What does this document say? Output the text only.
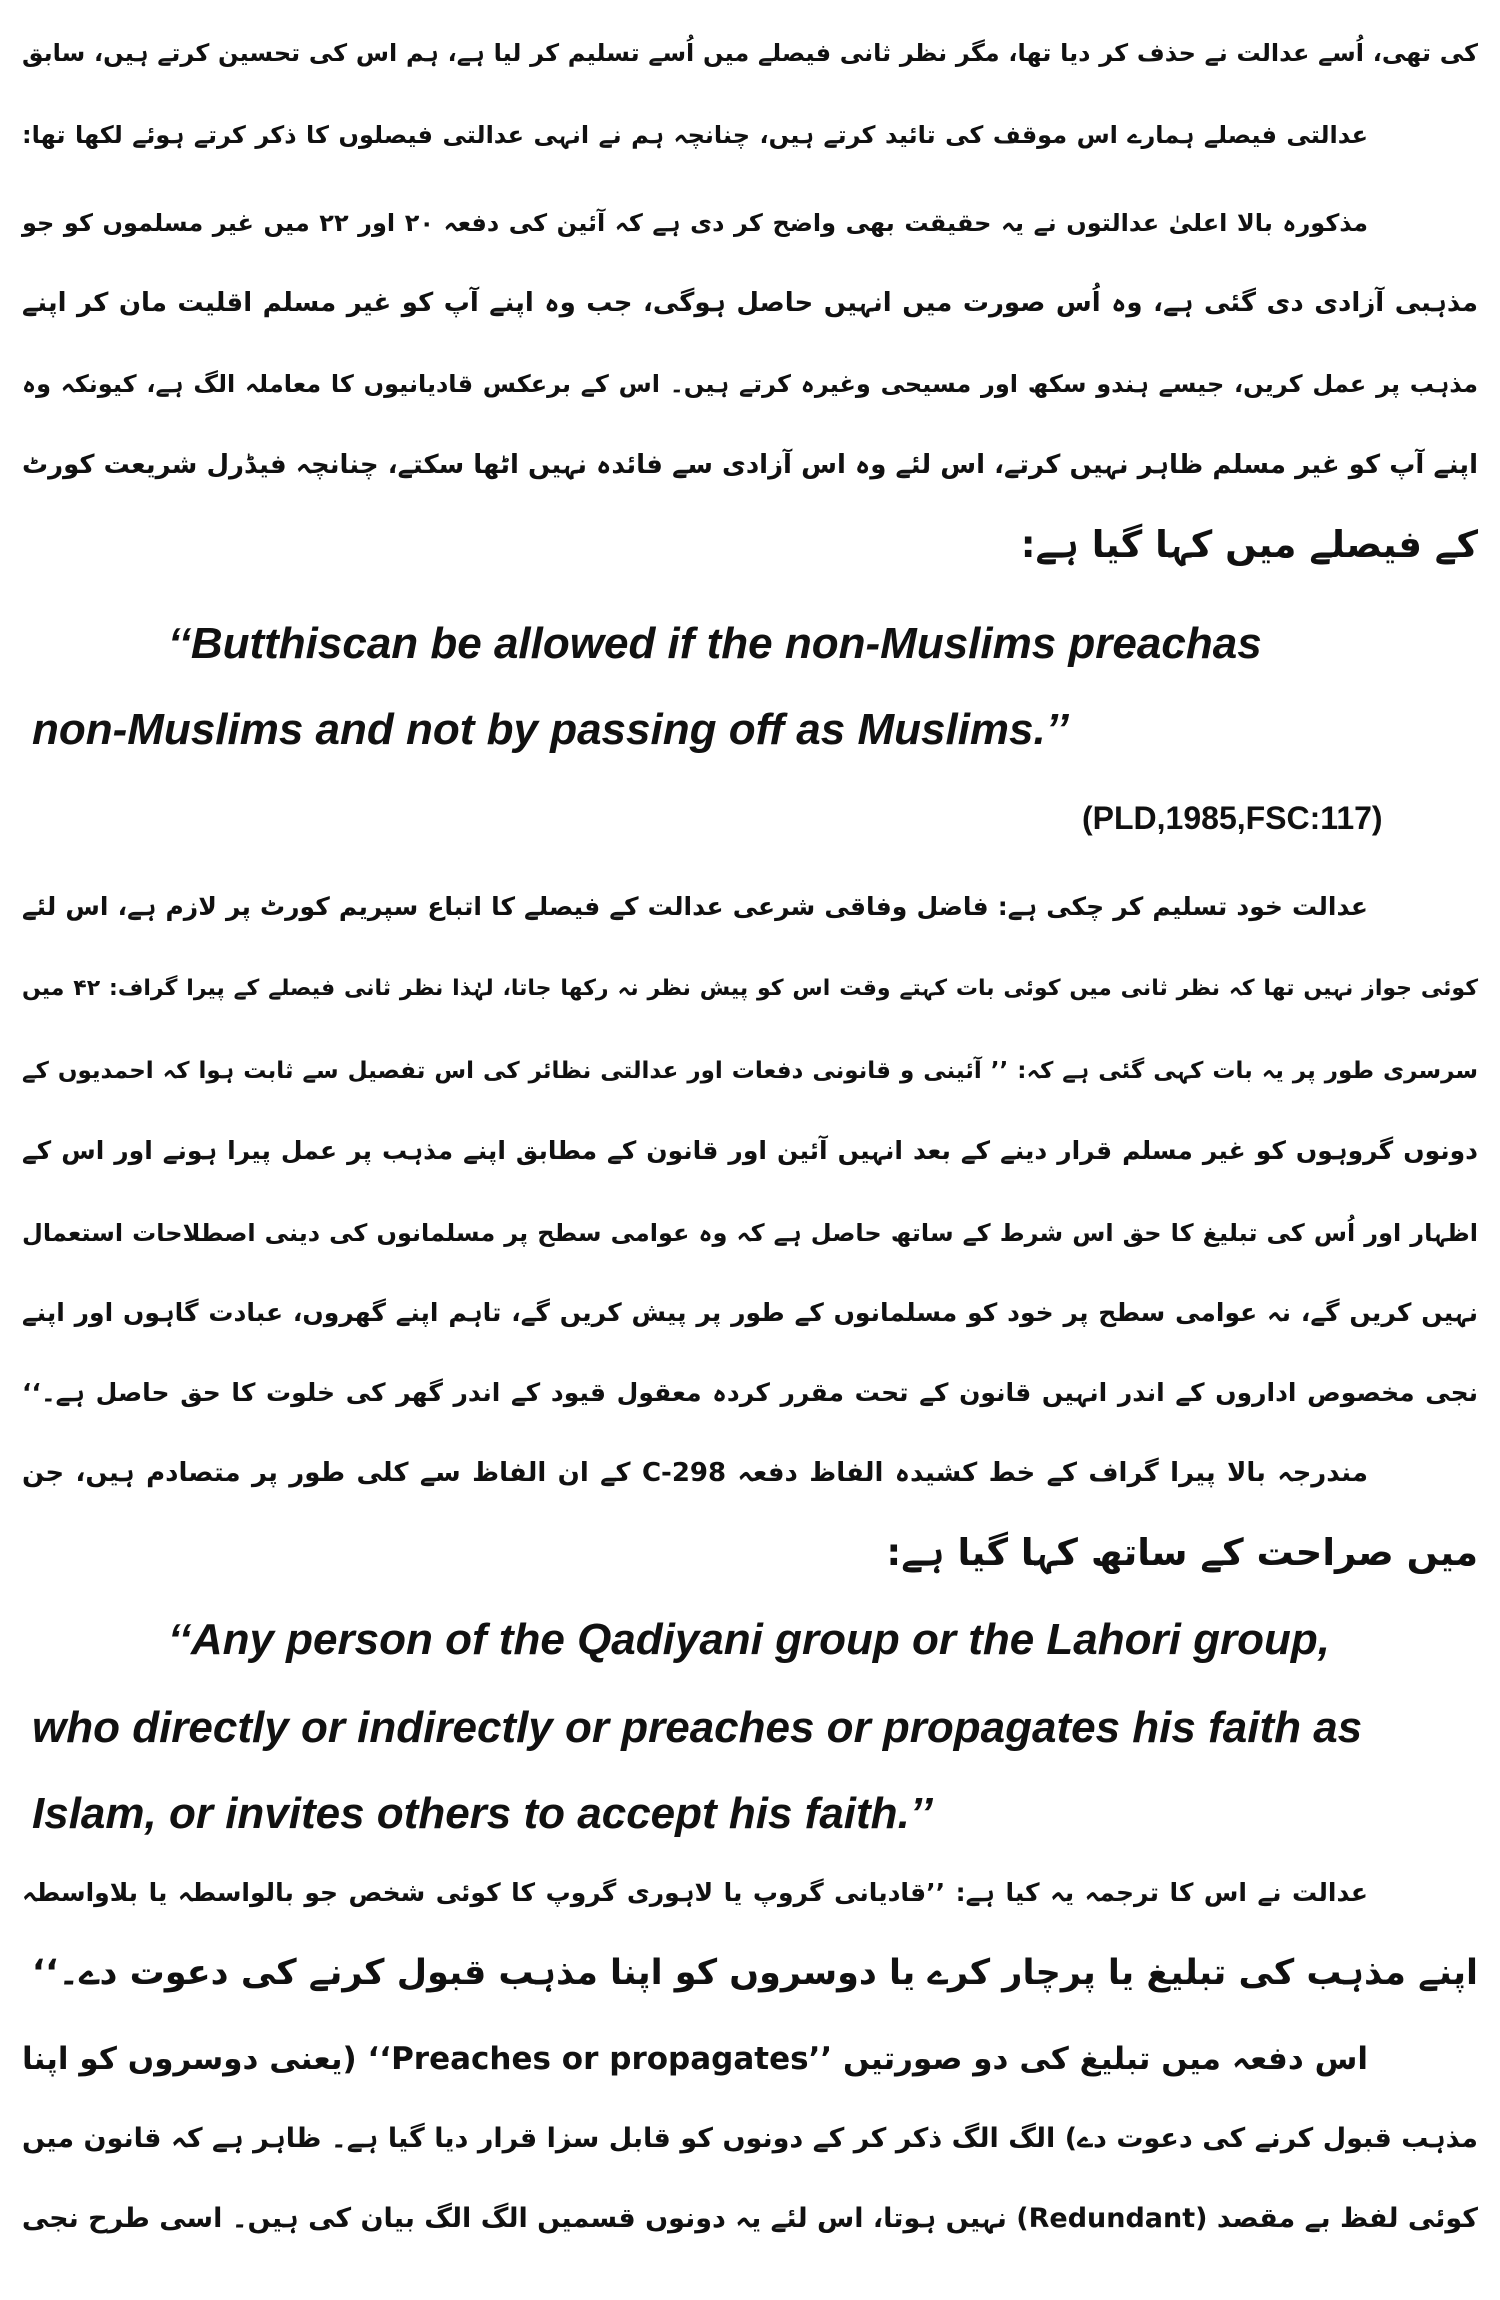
کی تھی، اُسے عدالت نے حذف کر دیا تھا، مگر نظر ثانی فیصلے میں اُسے تسلیم کر لیا ہے، ہم اس کی تحسین کرتے ہیں، سابق
عدالتی فیصلے ہمارے اس موقف کی تائید کرتے ہیں، چنانچہ ہم نے انہی عدالتی فیصلوں کا ذکر کرتے ہوئے لکھا تھا:
مذکورہ بالا اعلیٰ عدالتوں نے یہ حقیقت بھی واضح کر دی ہے کہ آئین کی دفعہ ۲۰ اور ۲۲ میں غیر مسلموں کو جو
مذہبی آزادی دی گئی ہے، وہ اُس صورت میں انہیں حاصل ہوگی، جب وہ اپنے آپ کو غیر مسلم اقلیت مان کر اپنے
مذہب پر عمل کریں، جیسے ہندو سکھ اور مسیحی وغیرہ کرتے ہیں۔ اس کے برعکس قادیانیوں کا معاملہ الگ ہے، کیونکہ وہ
اپنے آپ کو غیر مسلم ظاہر نہیں کرتے، اس لئے وہ اس آزادی سے فائدہ نہیں اٹھا سکتے، چنانچہ فیڈرل شریعت کورٹ
کے فیصلے میں کہا گیا ہے:
‘‘Butthiscan be allowed if the non-Muslims preachas
non-Muslims and not by passing off as Muslims.’’
(PLD,1985,FSC:117)
عدالت خود تسلیم کر چکی ہے: فاضل وفاقی شرعی عدالت کے فیصلے کا اتباع سپریم کورٹ پر لازم ہے، اس لئے
کوئی جواز نہیں تھا کہ نظر ثانی میں کوئی بات کہتے وقت اس کو پیش نظر نہ رکھا جاتا، لہٰذا نظر ثانی فیصلے کے پیرا گراف: ۴۲ میں
سرسری طور پر یہ بات کہی گئی ہے کہ: ’’ آئینی و قانونی دفعات اور عدالتی نظائر کی اس تفصیل سے ثابت ہوا کہ احمدیوں کے
دونوں گروہوں کو غیر مسلم قرار دینے کے بعد انہیں آئین اور قانون کے مطابق اپنے مذہب پر عمل پیرا ہونے اور اس کے
اظہار اور اُس کی تبلیغ کا حق اس شرط کے ساتھ حاصل ہے کہ وہ عوامی سطح پر مسلمانوں کی دینی اصطلاحات استعمال
نہیں کریں گے، نہ عوامی سطح پر خود کو مسلمانوں کے طور پر پیش کریں گے، تاہم اپنے گھروں، عبادت گاہوں اور اپنے
نجی مخصوص اداروں کے اندر انہیں قانون کے تحت مقرر کردہ معقول قیود کے اندر گھر کی خلوت کا حق حاصل ہے۔‘‘
مندرجہ بالا پیرا گراف کے خط کشیدہ الفاظ دفعہ 298-C کے ان الفاظ سے کلی طور پر متصادم ہیں، جن
میں صراحت کے ساتھ کہا گیا ہے:
‘‘Any person of the Qadiyani group or the Lahori group,
who directly or indirectly or preaches or propagates his faith as
Islam, or invites others to accept his faith.’’
عدالت نے اس کا ترجمہ یہ کیا ہے: ’’قادیانی گروپ یا لاہوری گروپ کا کوئی شخص جو بالواسطہ یا بلاواسطہ
اپنے مذہب کی تبلیغ یا پرچار کرے یا دوسروں کو اپنا مذہب قبول کرنے کی دعوت دے۔‘‘
اس دفعہ میں تبلیغ کی دو صورتیں ’’Preaches or propagates‘‘ (یعنی دوسروں کو اپنا
مذہب قبول کرنے کی دعوت دے) الگ الگ ذکر کر کے دونوں کو قابل سزا قرار دیا گیا ہے۔ ظاہر ہے کہ قانون میں
کوئی لفظ بے مقصد (Redundant) نہیں ہوتا، اس لئے یہ دونوں قسمیں الگ الگ بیان کی ہیں۔ اسی طرح نجی
